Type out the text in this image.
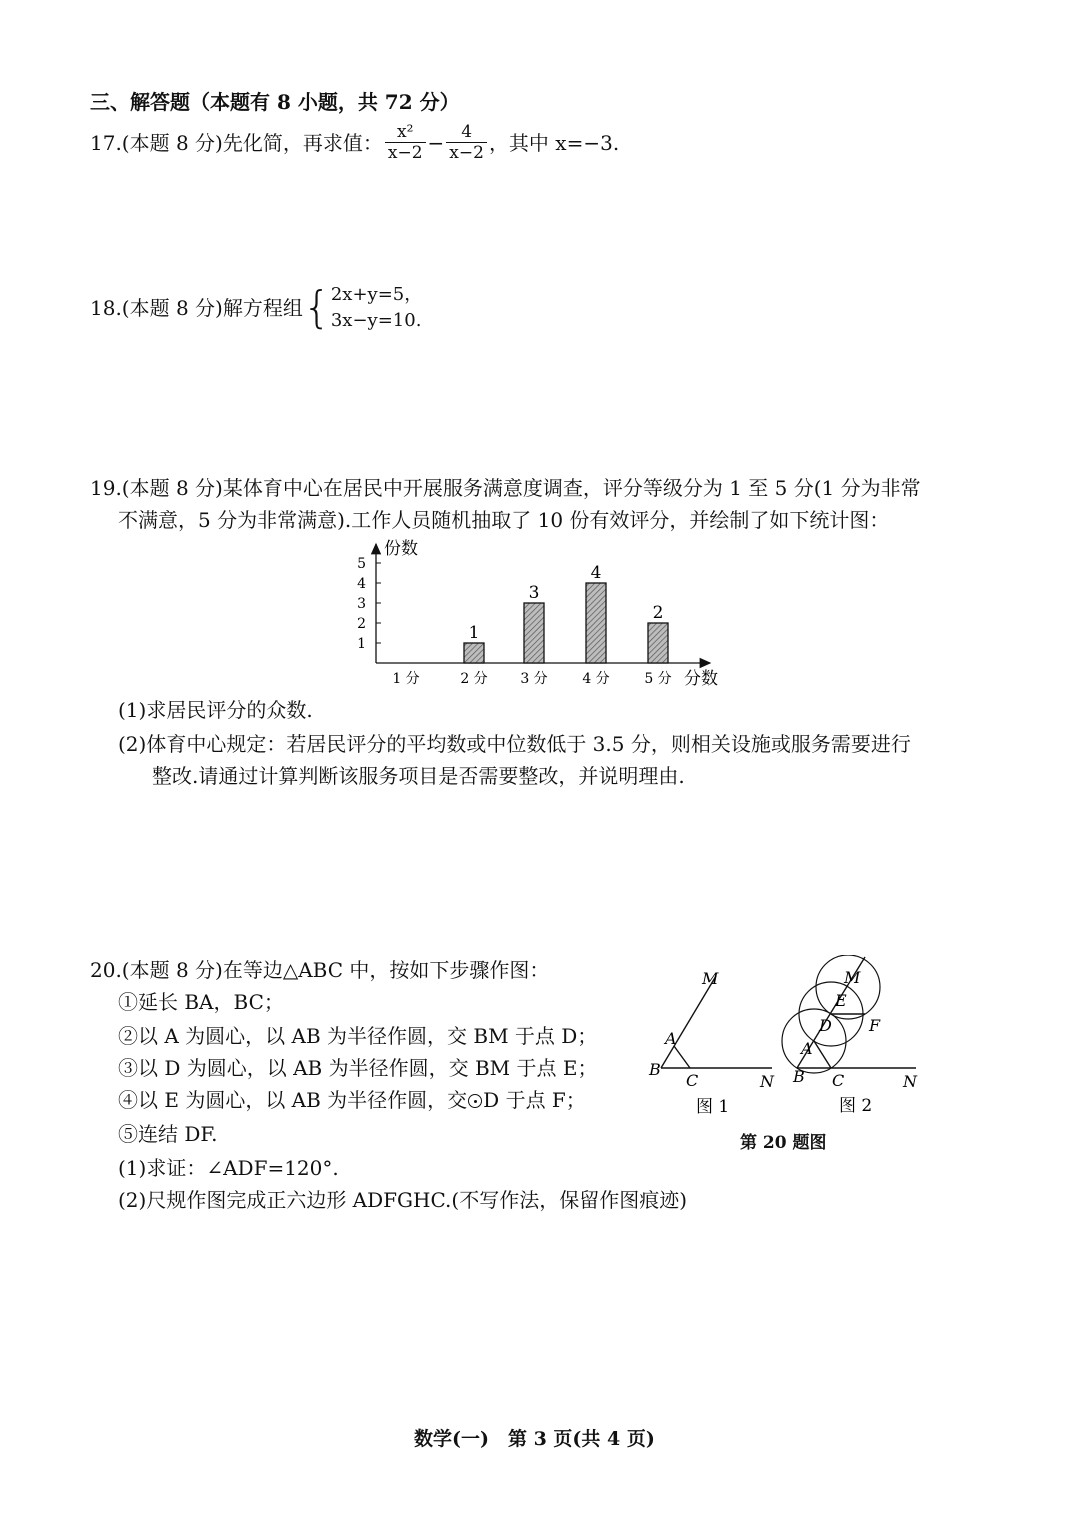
三、解答题（本题有 8 小题，共 72 分）
17.(本题 8 分)先化简，再求值： $\frac{\text{x²}}{x-2} - \frac{4}{x-2}$ ，其中 x=−3.
18.(本题 8 分)解方程组 { 2x+y=5，
3x−y=10.
19.(本题 8 分)某体育中心在居民中开展服务满意度调查，评分等级分为 1 至 5 分(1 分为非常
不满意，5 分为非常满意).工作人员随机抽取了 10 份有效评分，并绘制了如下统计图：
份数
分数
1
2
3
4
5
1
3
4
2
1 分	2 分 3 分 4 分 5 分
(1)求居民评分的众数.
(2)体育中心规定：若居民评分的平均数或中位数低于 3.5 分，则相关设施或服务需要进行
整改.请通过计算判断该服务项目是否需要整改，并说明理由.
20.(本题 8 分)在等边△ABC 中，按如下步骤作图：
①延长 BA，BC；
②以 A 为圆心，以 AB 为半径作圆，交 BM 于点 D；
③以 D 为圆心，以 AB 为半径作圆，交 BM 于点 E；
④以 E 为圆心，以 AB 为半径作圆，交 D 于点 F；
⑤连结 DF.
(1)求证：∠ADF=120°.
(2)尺规作图完成正六边形 ADFGHC.(不写作法，保留作图痕迹)
M
A
B
C	N
图 1
M
E
D F
A
B C	N
图 2
第 20 题图
数学(一)　第 3 页(共 4 页)
